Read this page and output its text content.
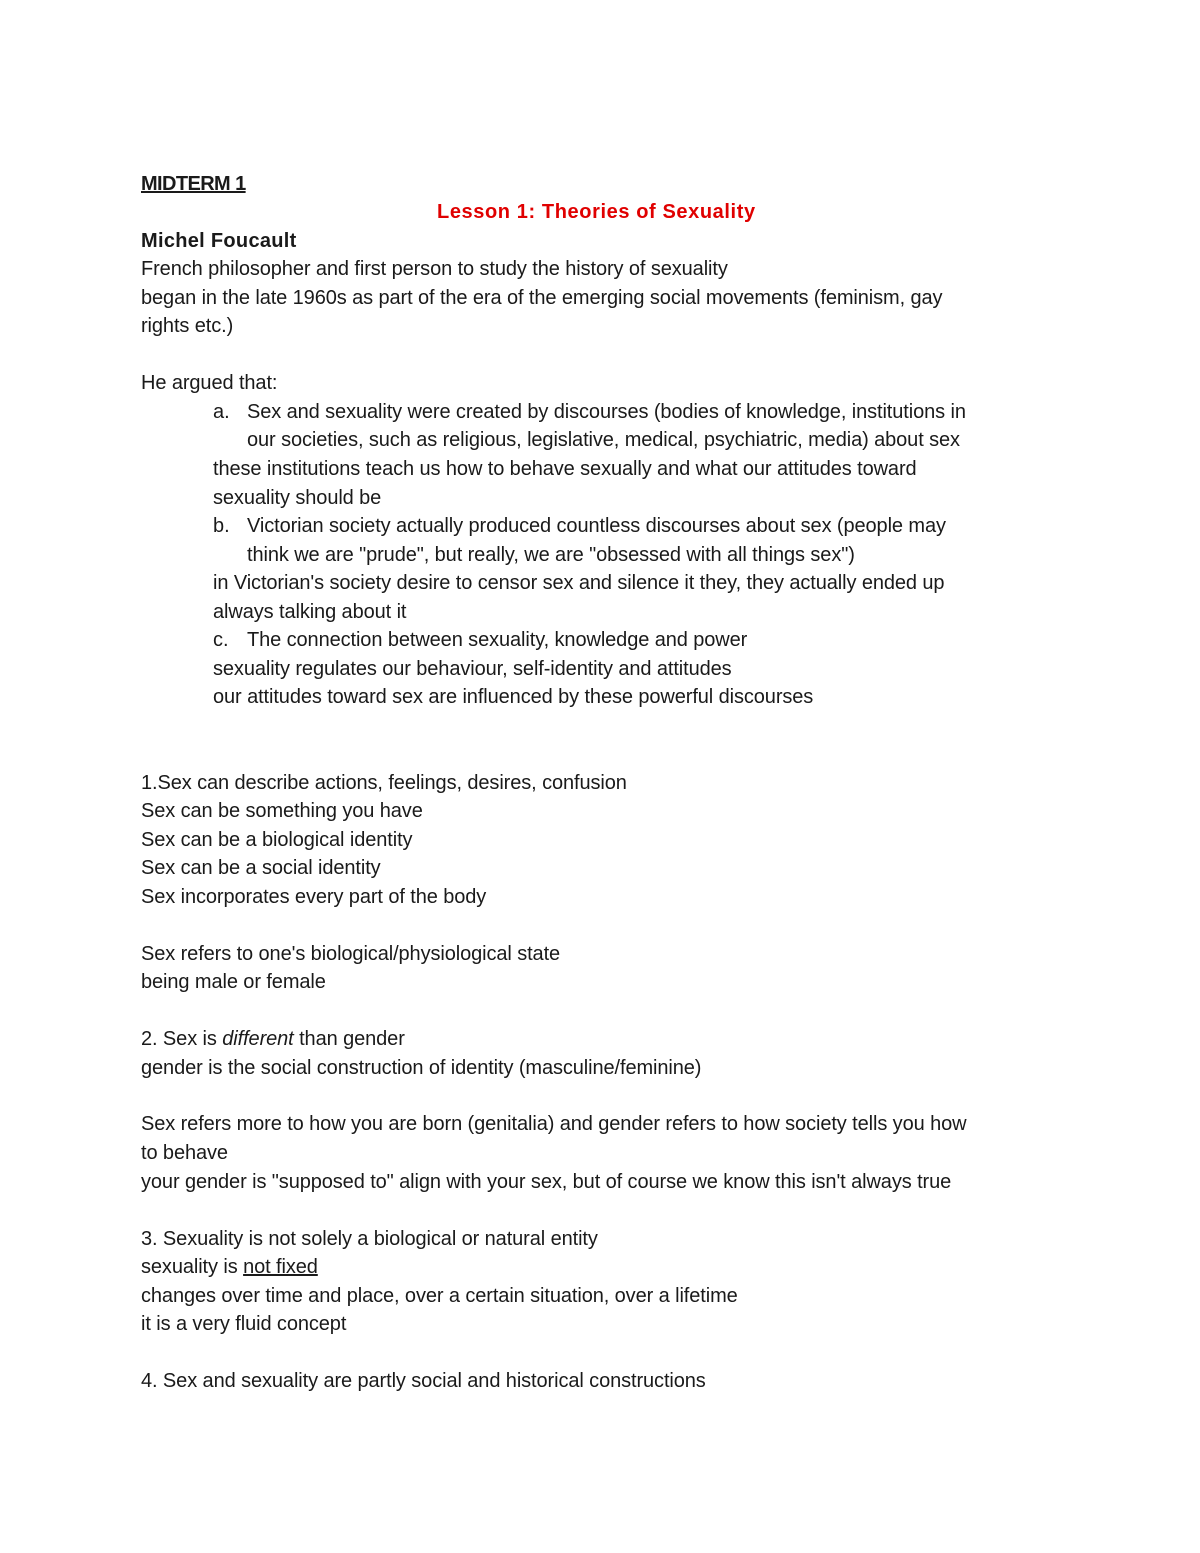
MIDTERM 1
Lesson 1: Theories of Sexuality
Michel Foucault
French philosopher and first person to study the history of sexuality
began in the late 1960s as part of the era of the emerging social movements (feminism, gay
rights etc.)
He argued that:
a. Sex and sexuality were created by discourses (bodies of knowledge, institutions in
our societies, such as religious, legislative, medical, psychiatric, media) about sex
these institutions teach us how to behave sexually and what our attitudes toward
sexuality should be
b. Victorian society actually produced countless discourses about sex (people may
think we are "prude", but really, we are "obsessed with all things sex")
in Victorian's society desire to censor sex and silence it they, they actually ended up
always talking about it
c. The connection between sexuality, knowledge and power
sexuality regulates our behaviour, self-identity and attitudes
our attitudes toward sex are influenced by these powerful discourses
1.Sex can describe actions, feelings, desires, confusion
Sex can be something you have
Sex can be a biological identity
Sex can be a social identity
Sex incorporates every part of the body
Sex refers to one's biological/physiological state
being male or female
2. Sex is different than gender
gender is the social construction of identity (masculine/feminine)
Sex refers more to how you are born (genitalia) and gender refers to how society tells you how
to behave
your gender is "supposed to" align with your sex, but of course we know this isn't always true
3. Sexuality is not solely a biological or natural entity
sexuality is not fixed
changes over time and place, over a certain situation, over a lifetime
it is a very fluid concept
4. Sex and sexuality are partly social and historical constructions
